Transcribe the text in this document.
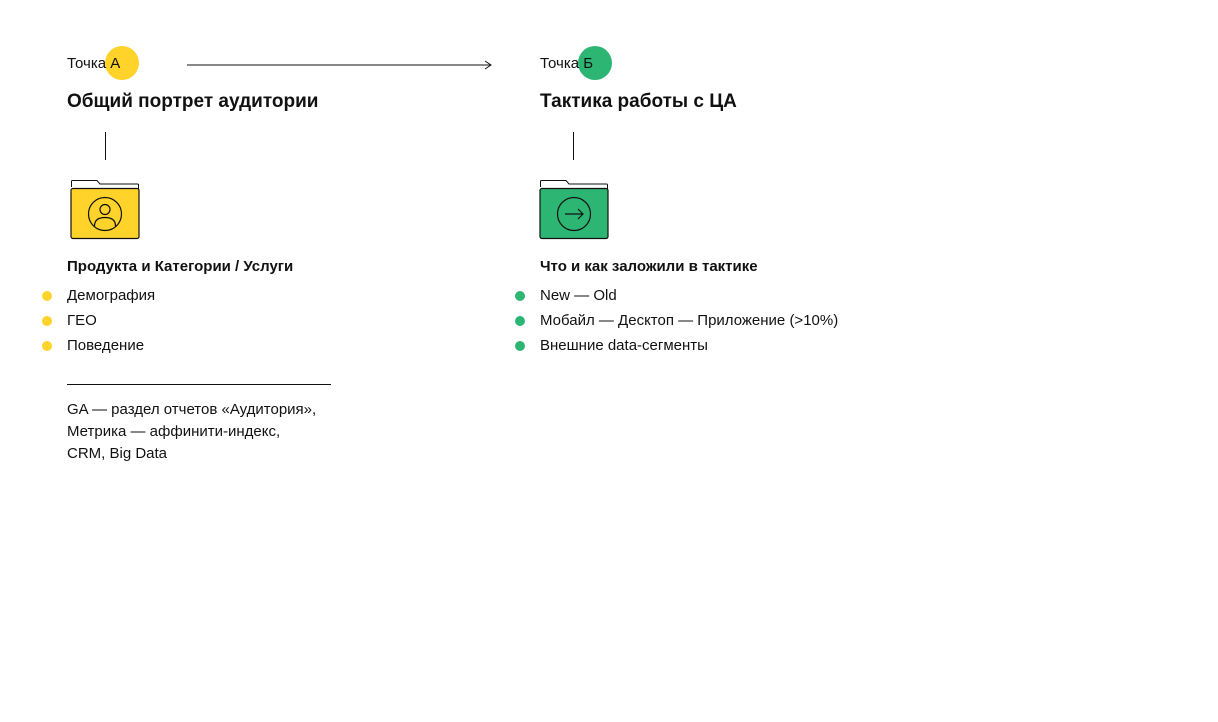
Точка А
Общий портрет аудитории
Продукта и Категории / Услуги
Демография
ГЕО
Поведение
GA — раздел отчетов «Аудитория»,
Метрика — аффинити-индекс,
CRM, Big Data
Точка Б
Тактика работы с ЦА
Что и как заложили в тактике
New — Old
Мобайл — Десктоп — Приложение (>10%)
Внешние data-сегменты
